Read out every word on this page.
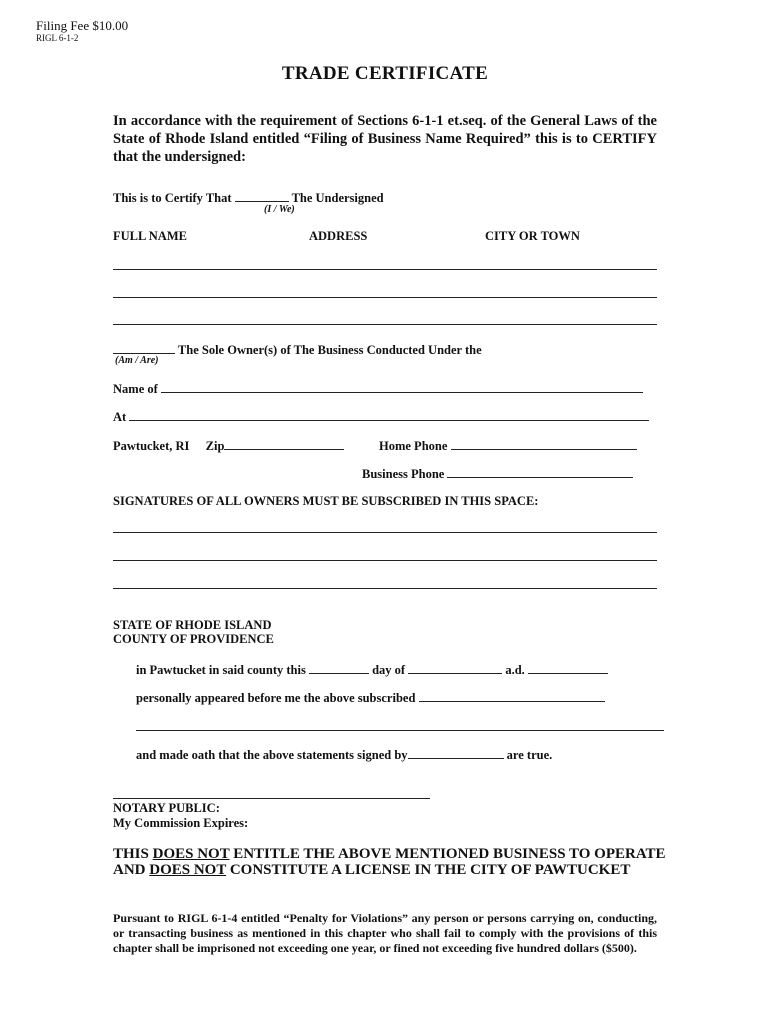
Filing Fee $10.00
RIGL 6-1-2
TRADE CERTIFICATE
In accordance with the requirement of Sections 6-1-1 et.seq. of the General Laws of the State of Rhode Island entitled “Filing of Business Name Required” this is to CERTIFY that the undersigned:
This is to Certify That	The Undersigned
(I / We)
FULL NAME	ADDRESS	CITY OR TOWN
The Sole Owner(s) of The Business Conducted Under the
(Am / Are)
Name of
At
Pawtucket, RI Zip	Home Phone
Business Phone
SIGNATURES OF ALL OWNERS MUST BE SUBSCRIBED IN THIS SPACE:
STATE OF RHODE ISLAND
COUNTY OF PROVIDENCE
in Pawtucket in said county this	day of	a.d.
personally appeared before me the above subscribed
and made oath that the above statements signed by	are true.
NOTARY PUBLIC:
My Commission Expires:
THIS DOES NOT ENTITLE THE ABOVE MENTIONED BUSINESS TO OPERATE AND DOES NOT CONSTITUTE A LICENSE IN THE CITY OF PAWTUCKET
Pursuant to RIGL 6-1-4 entitled “Penalty for Violations” any person or persons carrying on, conducting, or transacting business as mentioned in this chapter who shall fail to comply with the provisions of this chapter shall be imprisoned not exceeding one year, or fined not exceeding five hundred dollars ($500).
